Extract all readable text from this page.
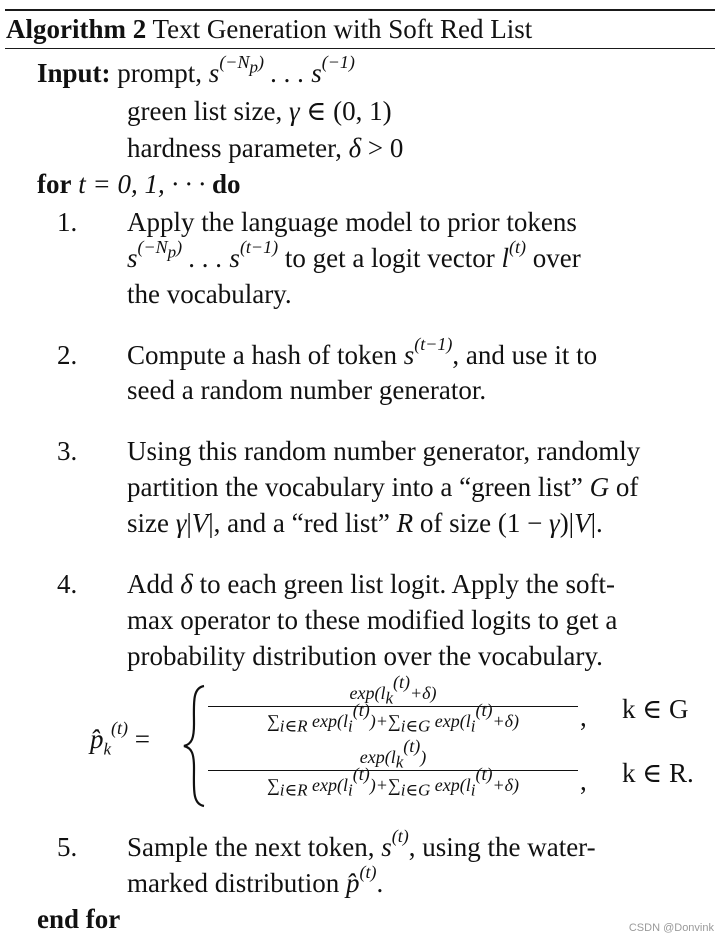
Algorithm 2 Text Generation with Soft Red List
Input: prompt, $s^{(-N_p)}$ . . . $s^{(-1)}$
green list size, γ ∈ (0, 1)
hardness parameter, δ > 0
for t = 0, 1, · · · do
1. Apply the language model to prior tokens
$s^{(-N_p)}$ . . . $s^{(t-1)}$ to get a logit vector $l^{(t)}$ over
the vocabulary.
2. Compute a hash of token $s^{(t-1)}$, and use it to
seed a random number generator.
3. Using this random number generator, randomly
partition the vocabulary into a “green list” G of
size γ|V|, and a “red list” R of size (1 − γ)|V|.
4. Add δ to each green list logit. Apply the soft-
max operator to these modified logits to get a
probability distribution over the vocabulary.
$p̂_k^{(t)}$ =
$\exp(l_k^{(t)}+\delta)$
$\sum_{i\in R}$ $\exp(l_i^{(t)})+\sum_{i\in G}$ $\exp(l_i^{(t)}+\delta)$	, k ∈ G
$\exp(l_k^{(t)})$
$\sum_{i\in R}$ $\exp(l_i^{(t)})+\sum_{i\in G}$ $\exp(l_i^{(t)}+\delta)$	, k ∈ R.
5. Sample the next token, $s^{(t)}$, using the water-
marked distribution p̂$^{(t)}$.
end for	CSDN @Donvink
